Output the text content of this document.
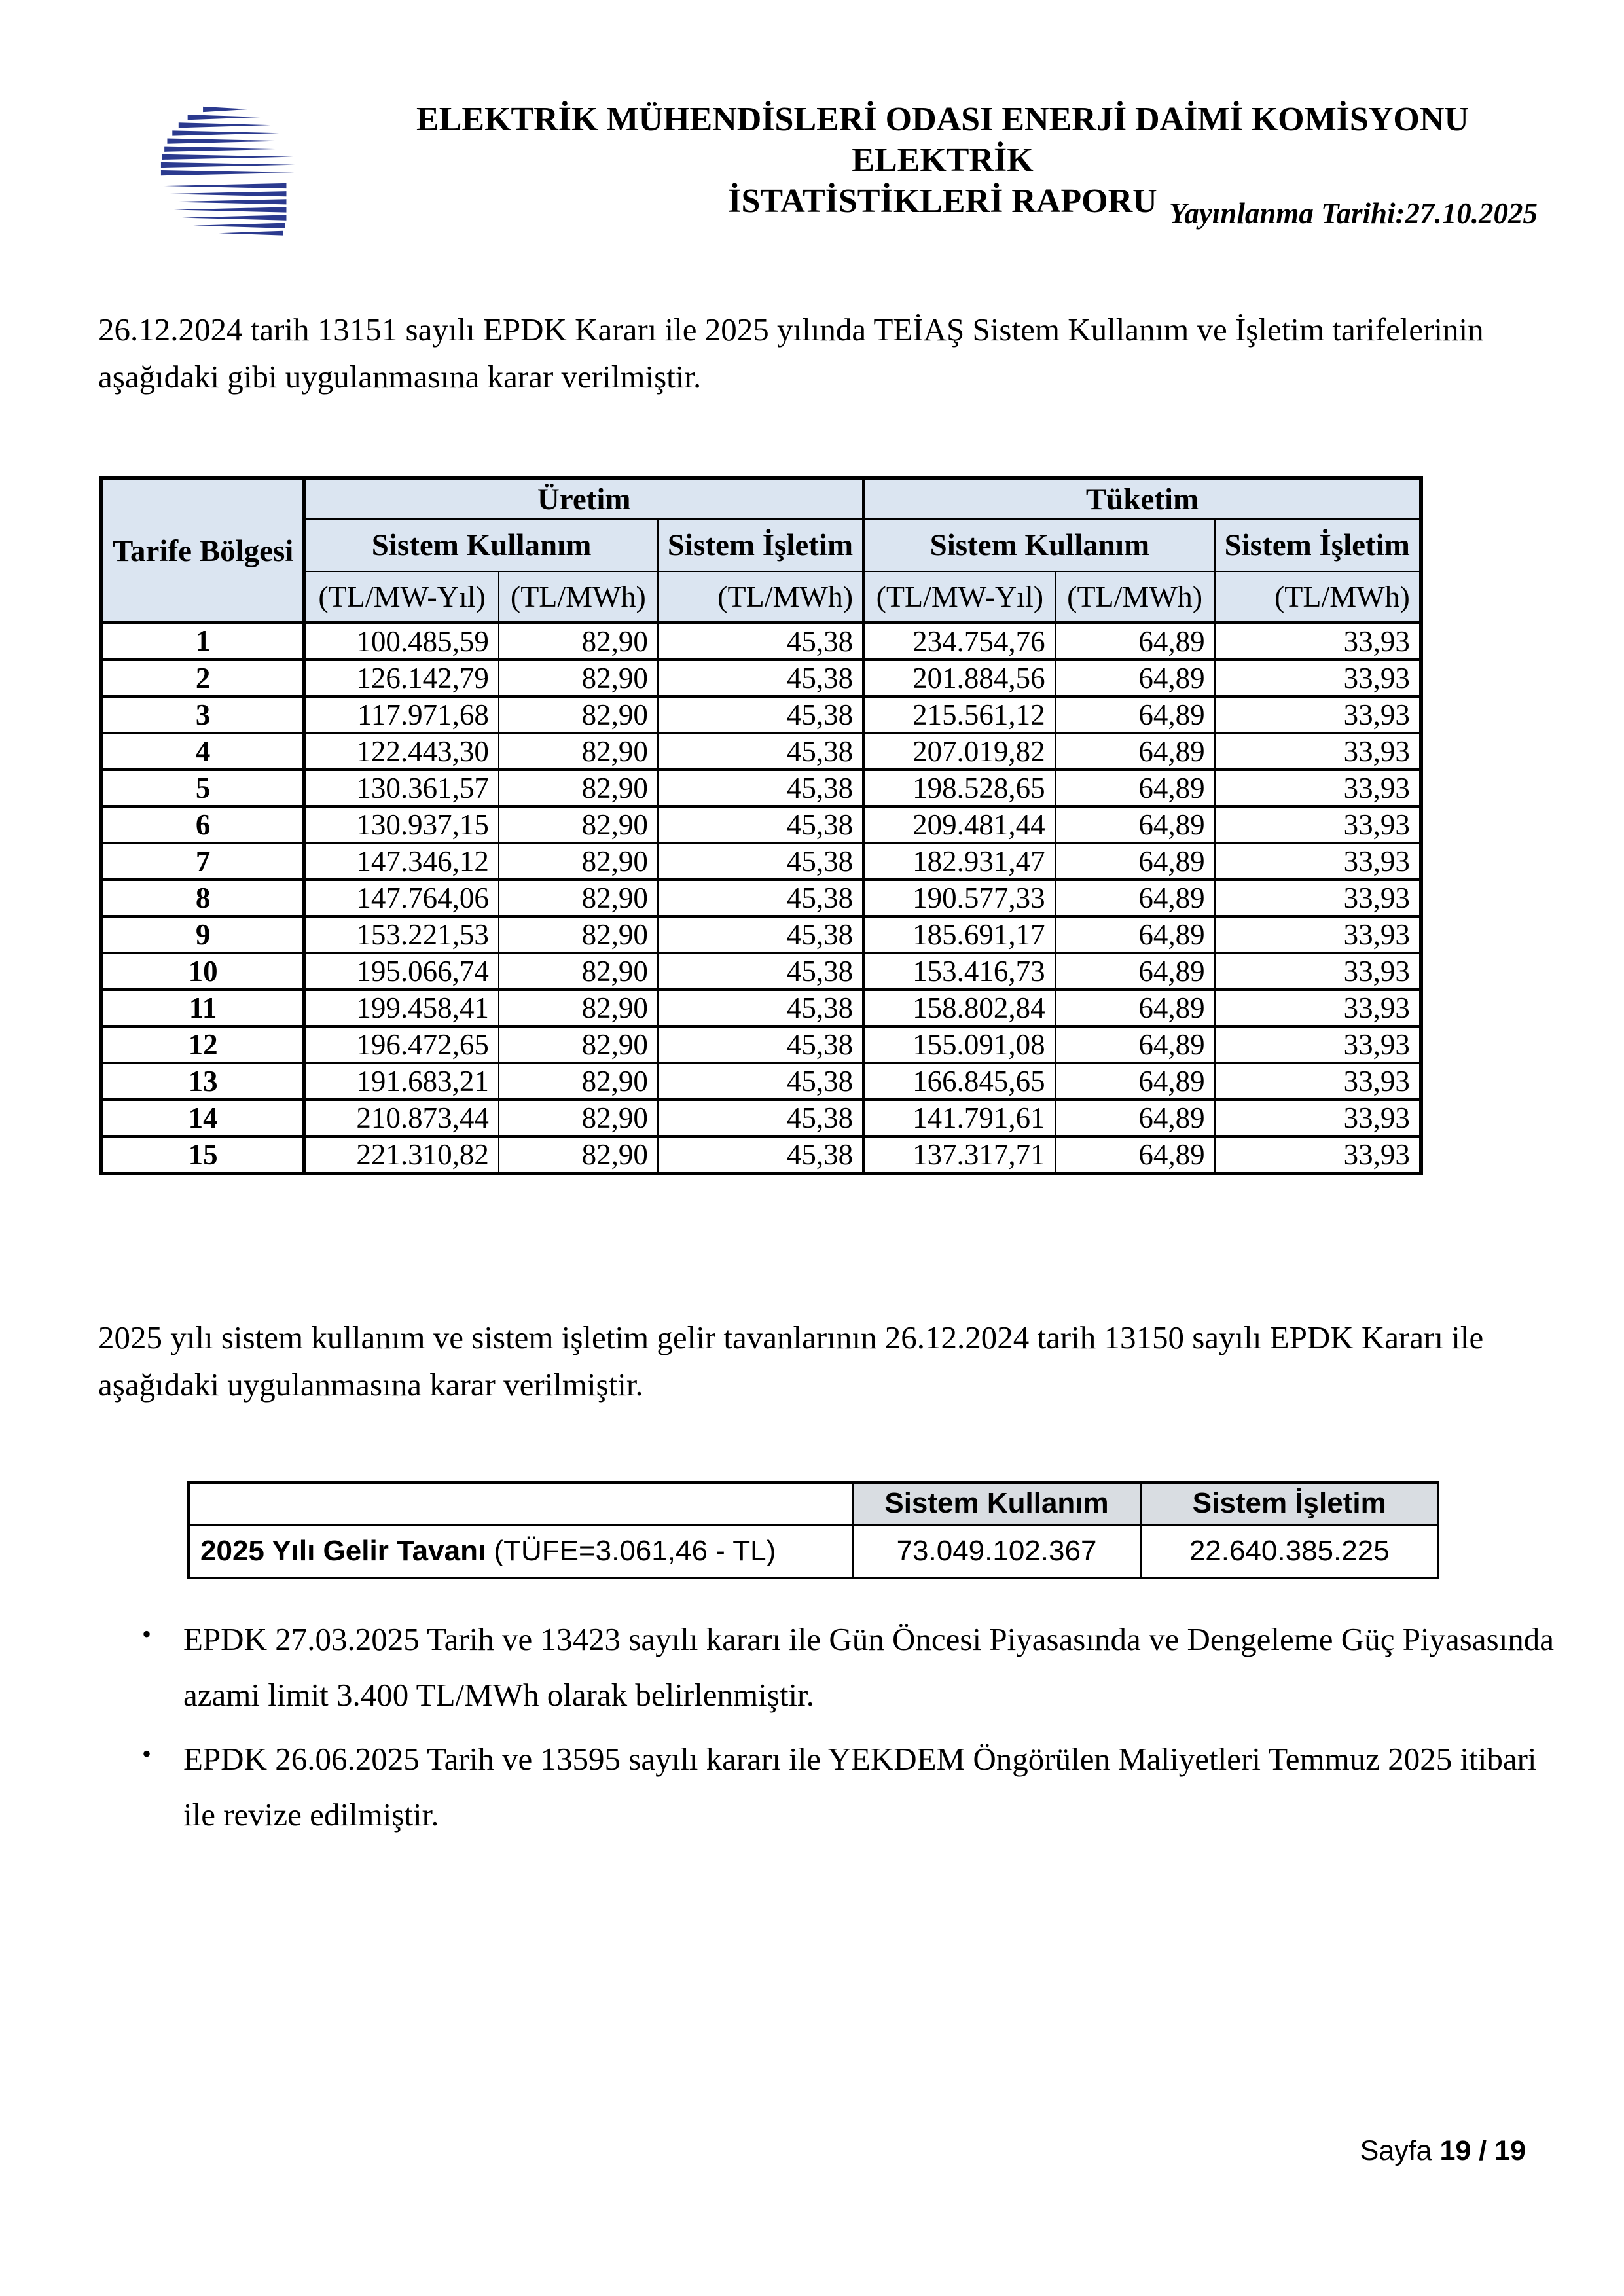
ELEKTRİK MÜHENDİSLERİ ODASI ENERJİ DAİMİ KOMİSYONU ELEKTRİK
İSTATİSTİKLERİ RAPORU Yayınlanma Tarihi:27.10.2025
26.12.2024 tarih 13151 sayılı EPDK Kararı ile 2025 yılında TEİAŞ Sistem Kullanım ve İşletim tarifelerinin aşağıdaki gibi uygulanmasına karar verilmiştir.
Tarife Bölgesi	Üretim			Tüketim		
	Sistem Kullanım		Sistem İşletim	Sistem Kullanım		Sistem İşletim
	(TL/MW-Yıl)	(TL/MWh)	(TL/MWh)	(TL/MW-Yıl)	(TL/MWh)	(TL/MWh)
1	100.485,59	82,90	45,38	234.754,76	64,89	33,93
2	126.142,79	82,90	45,38	201.884,56	64,89	33,93
3	117.971,68	82,90	45,38	215.561,12	64,89	33,93
4	122.443,30	82,90	45,38	207.019,82	64,89	33,93
5	130.361,57	82,90	45,38	198.528,65	64,89	33,93
6	130.937,15	82,90	45,38	209.481,44	64,89	33,93
7	147.346,12	82,90	45,38	182.931,47	64,89	33,93
8	147.764,06	82,90	45,38	190.577,33	64,89	33,93
9	153.221,53	82,90	45,38	185.691,17	64,89	33,93
10	195.066,74	82,90	45,38	153.416,73	64,89	33,93
11	199.458,41	82,90	45,38	158.802,84	64,89	33,93
12	196.472,65	82,90	45,38	155.091,08	64,89	33,93
13	191.683,21	82,90	45,38	166.845,65	64,89	33,93
14	210.873,44	82,90	45,38	141.791,61	64,89	33,93
15	221.310,82	82,90	45,38	137.317,71	64,89	33,93
2025 yılı sistem kullanım ve sistem işletim gelir tavanlarının 26.12.2024 tarih 13150 sayılı EPDK Kararı ile aşağıdaki uygulanmasına karar verilmiştir.
	Sistem Kullanım	Sistem İşletim
2025 Yılı Gelir Tavanı (TÜFE=3.061,46 - TL)	73.049.102.367	22.640.385.225
• EPDK 27.03.2025 Tarih ve 13423 sayılı kararı ile Gün Öncesi Piyasasında ve Dengeleme Güç Piyasasında azami limit 3.400 TL/MWh olarak belirlenmiştir.
• EPDK 26.06.2025 Tarih ve 13595 sayılı kararı ile YEKDEM Öngörülen Maliyetleri Temmuz 2025 itibari ile revize edilmiştir.
Sayfa 19 / 19
